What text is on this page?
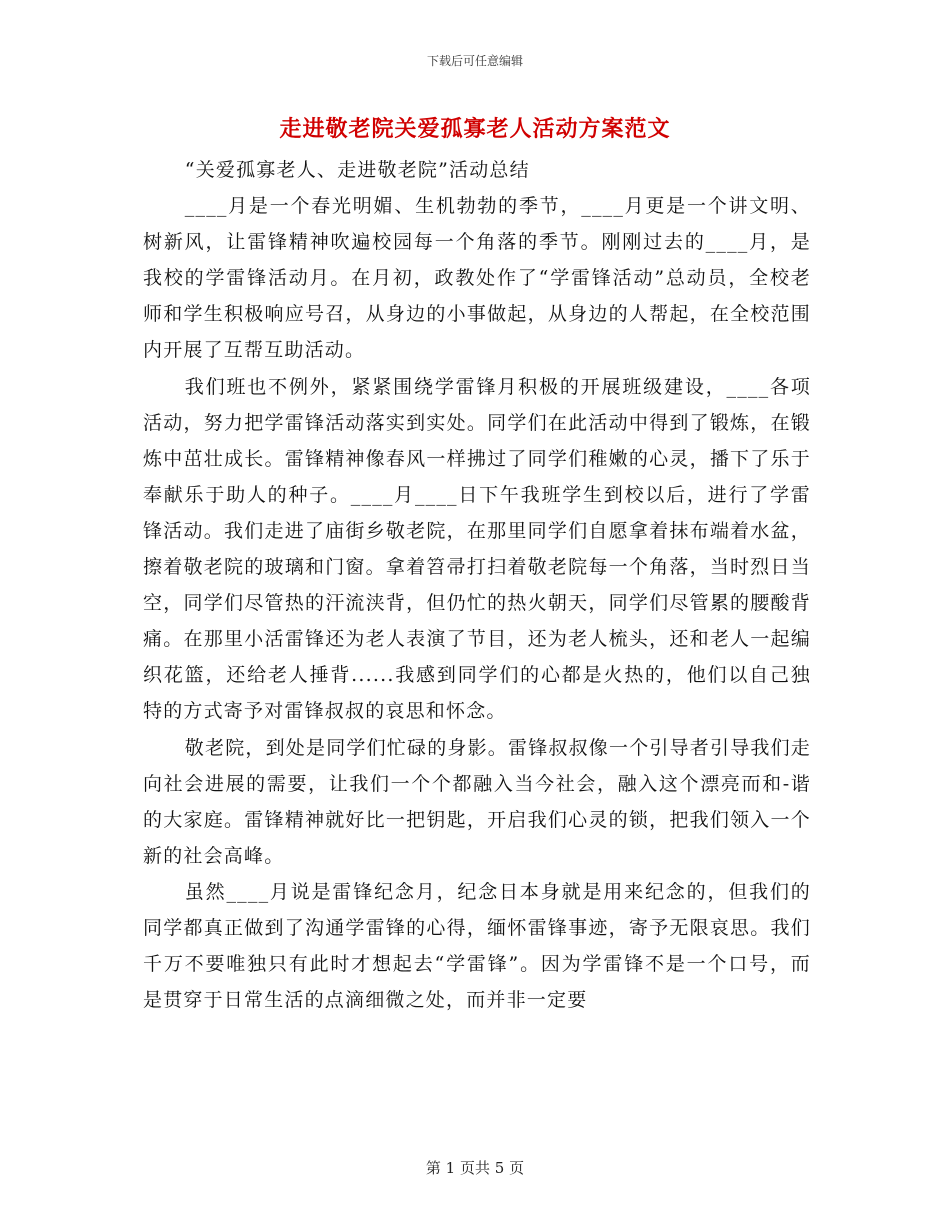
下载后可任意编辑
走进敬老院关爱孤寡老人活动方案范文

“关爱孤寡老人、走进敬老院”活动总结

____月是一个春光明媚、生机勃勃的季节，____月更是一个讲文明、树新风，让雷锋精神吹遍校园每一个角落的季节。刚刚过去的____月，是我校的学雷锋活动月。在月初，政教处作了“学雷锋活动”总动员，全校老师和学生积极响应号召，从身边的小事做起，从身边的人帮起，在全校范围内开展了互帮互助活动。

我们班也不例外，紧紧围绕学雷锋月积极的开展班级建设，____各项活动，努力把学雷锋活动落实到实处。同学们在此活动中得到了锻炼，在锻炼中茁壮成长。雷锋精神像春风一样拂过了同学们稚嫩的心灵，播下了乐于奉献乐于助人的种子。____月____日下午我班学生到校以后，进行了学雷锋活动。我们走进了庙街乡敬老院，在那里同学们自愿拿着抹布端着水盆，擦着敬老院的玻璃和门窗。拿着笤帚打扫着敬老院每一个角落，当时烈日当空，同学们尽管热的汗流浃背，但仍忙的热火朝天，同学们尽管累的腰酸背痛。在那里小活雷锋还为老人表演了节目，还为老人梳头，还和老人一起编织花篮，还给老人捶背......我感到同学们的心都是火热的，他们以自己独特的方式寄予对雷锋叔叔的哀思和怀念。

敬老院，到处是同学们忙碌的身影。雷锋叔叔像一个引导者引导我们走向社会进展的需要，让我们一个个都融入当今社会，融入这个漂亮而和-谐的大家庭。雷锋精神就好比一把钥匙，开启我们心灵的锁，把我们领入一个新的社会高峰。

虽然____月说是雷锋纪念月，纪念日本身就是用来纪念的，但我们的同学都真正做到了沟通学雷锋的心得，缅怀雷锋事迹，寄予无限哀思。我们千万不要唯独只有此时才想起去“学雷锋”。因为学雷锋不是一个口号，而是贯穿于日常生活的点滴细微之处，而并非一定要

第 1 页共 5 页
